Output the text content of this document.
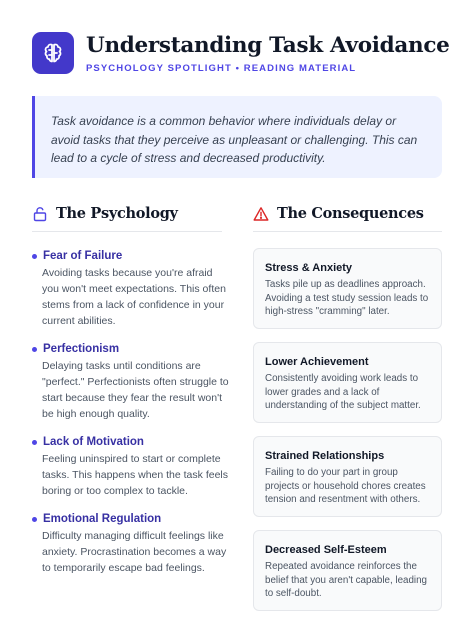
Understanding Task Avoidance
PSYCHOLOGY SPOTLIGHT • READING MATERIAL

Task avoidance is a common behavior where individuals delay or avoid tasks that they perceive as unpleasant or challenging. This can lead to a cycle of stress and decreased productivity.

The Psychology	The Consequences
Fear of Failure
Avoiding tasks because you're afraid you won't meet expectations. This often stems from a lack of confidence in your current abilities.
Perfectionism
Delaying tasks until conditions are "perfect." Perfectionists often struggle to start because they fear the result won't be high enough quality.
Lack of Motivation
Feeling uninspired to start or complete tasks. This happens when the task feels boring or too complex to tackle.
Emotional Regulation
Difficulty managing difficult feelings like anxiety. Procrastination becomes a way to temporarily escape bad feelings.
Stress & Anxiety
Tasks pile up as deadlines approach. Avoiding a test study session leads to high-stress "cramming" later.
Lower Achievement
Consistently avoiding work leads to lower grades and a lack of understanding of the subject matter.
Strained Relationships
Failing to do your part in group projects or household chores creates tension and resentment with others.
Decreased Self-Esteem
Repeated avoidance reinforces the belief that you aren't capable, leading to self-doubt.
